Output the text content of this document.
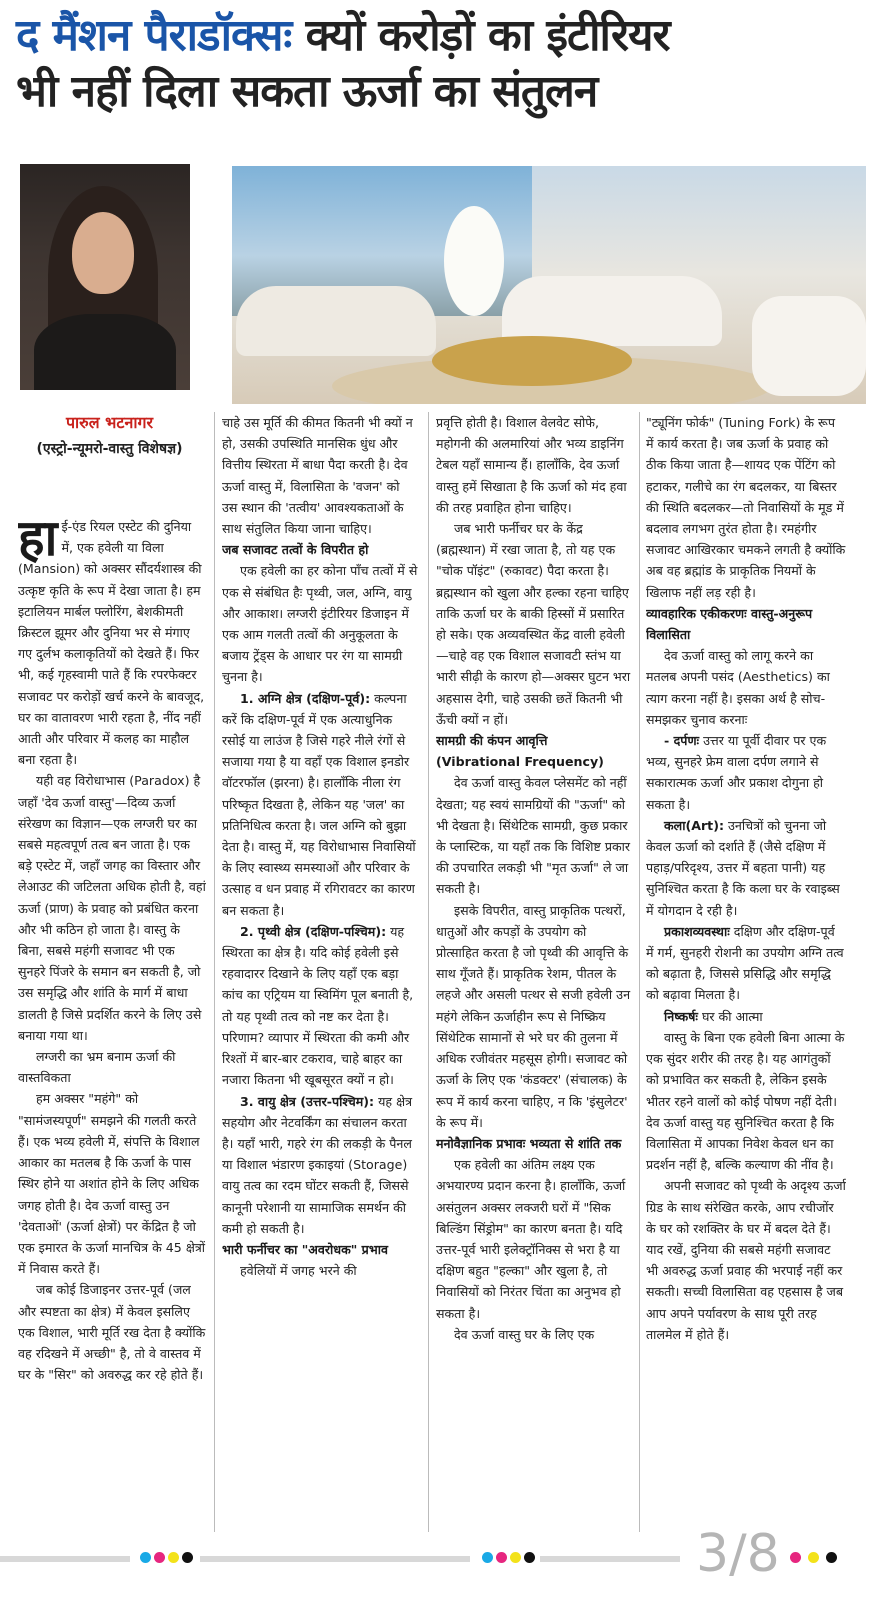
द मैंशन पैराडॉक्सः क्यों करोड़ों का इंटीरियर
भी नहीं दिला सकता ऊर्जा का संतुलन
पारुल भटनागर
(एस्ट्रो-न्यूमरो-वास्तु विशेषज्ञ)

हाई-एंड रियल एस्टेट की दुनिया में, एक हवेली या विला (Mansion) को अक्सर सौंदर्यशास्त्र की उत्कृष्ट कृति के रूप में देखा जाता है। हम इटालियन मार्बल फ्लोरिंग, बेशकीमती क्रिस्टल झूमर और दुनिया भर से मंगाए गए दुर्लभ कलाकृतियों को देखते हैं। फिर भी, कई गृहस्वामी पाते हैं कि रपरफेक्टर सजावट पर करोड़ों खर्च करने के बावजूद, घर का वातावरण भारी रहता है, नींद नहीं आती और परिवार में कलह का माहौल बना रहता है।

यही वह विरोधाभास (Paradox) है जहाँ 'देव ऊर्जा वास्तु'—दिव्य ऊर्जा संरेखण का विज्ञान—एक लग्जरी घर का सबसे महत्वपूर्ण तत्व बन जाता है। एक बड़े एस्टेट में, जहाँ जगह का विस्तार और लेआउट की जटिलता अधिक होती है, वहां ऊर्जा (प्राण) के प्रवाह को प्रबंधित करना और भी कठिन हो जाता है। वास्तु के बिना, सबसे महंगी सजावट भी एक सुनहरे पिंजरे के समान बन सकती है, जो उस समृद्धि और शांति के मार्ग में बाधा डालती है जिसे प्रदर्शित करने के लिए उसे बनाया गया था।

लग्जरी का भ्रम बनाम ऊर्जा की वास्तविकता

हम अक्सर "महंगे" को "सामंजस्यपूर्ण" समझने की गलती करते हैं। एक भव्य हवेली में, संपत्ति के विशाल आकार का मतलब है कि ऊर्जा के पास स्थिर होने या अशांत होने के लिए अधिक जगह होती है। देव ऊर्जा वास्तु उन 'देवताओं' (ऊर्जा क्षेत्रों) पर केंद्रित है जो एक इमारत के ऊर्जा मानचित्र के 45 क्षेत्रों में निवास करते हैं।

जब कोई डिजाइनर उत्तर-पूर्व (जल और स्पष्टता का क्षेत्र) में केवल इसलिए एक विशाल, भारी मूर्ति रख देता है क्योंकि वह रदिखने में अच्छी" है, तो वे वास्तव में घर के "सिर" को अवरुद्ध कर रहे होते हैं।

चाहे उस मूर्ति की कीमत कितनी भी क्यों न हो, उसकी उपस्थिति मानसिक धुंध और वित्तीय स्थिरता में बाधा पैदा करती है। देव ऊर्जा वास्तु में, विलासिता के 'वजन' को उस स्थान की 'तत्वीय' आवश्यकताओं के साथ संतुलित किया जाना चाहिए।

जब सजावट तत्वों के विपरीत हो

एक हवेली का हर कोना पाँच तत्वों में से एक से संबंधित हैः पृथ्वी, जल, अग्नि, वायु और आकाश। लग्जरी इंटीरियर डिजाइन में एक आम गलती तत्वों की अनुकूलता के बजाय ट्रेंड्स के आधार पर रंग या सामग्री चुनना है।

1. अग्नि क्षेत्र (दक्षिण-पूर्व): कल्पना करें कि दक्षिण-पूर्व में एक अत्याधुनिक रसोई या लाउंज है जिसे गहरे नीले रंगों से सजाया गया है या वहाँ एक विशाल इनडोर वॉटरफॉल (झरना) है। हालाँकि नीला रंग परिष्कृत दिखता है, लेकिन यह 'जल' का प्रतिनिधित्व करता है। जल अग्नि को बुझा देता है। वास्तु में, यह विरोधाभास निवासियों के लिए स्वास्थ्य समस्याओं और परिवार के उत्साह व धन प्रवाह में रगिरावटर का कारण बन सकता है।

2. पृथ्वी क्षेत्र (दक्षिण-पश्चिम): यह स्थिरता का क्षेत्र है। यदि कोई हवेली इसे रहवादारर दिखाने के लिए यहाँ एक बड़ा कांच का एट्रियम या स्विमिंग पूल बनाती है, तो यह पृथ्वी तत्व को नष्ट कर देता है। परिणाम? व्यापार में स्थिरता की कमी और रिश्तों में बार-बार टकराव, चाहे बाहर का नजारा कितना भी खूबसूरत क्यों न हो।

3. वायु क्षेत्र (उत्तर-पश्चिम): यह क्षेत्र सहयोग और नेटवर्किंग का संचालन करता है। यहाँ भारी, गहरे रंग की लकड़ी के पैनल या विशाल भंडारण इकाइयां (Storage) वायु तत्व का रदम घोंटर सकती हैं, जिससे कानूनी परेशानी या सामाजिक समर्थन की कमी हो सकती है।

भारी फर्नीचर का "अवरोधक" प्रभाव

हवेलियों में जगह भरने की

प्रवृत्ति होती है। विशाल वेलवेट सोफे, महोगनी की अलमारियां और भव्य डाइनिंग टेबल यहाँ सामान्य हैं। हालाँकि, देव ऊर्जा वास्तु हमें सिखाता है कि ऊर्जा को मंद हवा की तरह प्रवाहित होना चाहिए।

जब भारी फर्नीचर घर के केंद्र (ब्रह्मस्थान) में रखा जाता है, तो यह एक "चोक पॉइंट" (रुकावट) पैदा करता है। ब्रह्मस्थान को खुला और हल्का रहना चाहिए ताकि ऊर्जा घर के बाकी हिस्सों में प्रसारित हो सके। एक अव्यवस्थित केंद्र वाली हवेली—चाहे वह एक विशाल सजावटी स्तंभ या भारी सीढ़ी के कारण हो—अक्सर घुटन भरा अहसास देगी, चाहे उसकी छतें कितनी भी ऊँची क्यों न हों।

सामग्री की कंपन आवृत्ति (Vibrational Frequency)

देव ऊर्जा वास्तु केवल प्लेसमेंट को नहीं देखता; यह स्वयं सामग्रियों की "ऊर्जा" को भी देखता है। सिंथेटिक सामग्री, कुछ प्रकार के प्लास्टिक, या यहाँ तक कि विशिष्ट प्रकार की उपचारित लकड़ी भी "मृत ऊर्जा" ले जा सकती है।

इसके विपरीत, वास्तु प्राकृतिक पत्थरों, धातुओं और कपड़ों के उपयोग को प्रोत्साहित करता है जो पृथ्वी की आवृत्ति के साथ गूँजते हैं। प्राकृतिक रेशम, पीतल के लहजे और असली पत्थर से सजी हवेली उन महंगे लेकिन ऊर्जाहीन रूप से निष्क्रिय सिंथेटिक सामानों से भरे घर की तुलना में अधिक रजीवंतर महसूस होगी। सजावट को ऊर्जा के लिए एक 'कंडक्टर' (संचालक) के रूप में कार्य करना चाहिए, न कि 'इंसुलेटर' के रूप में।

मनोवैज्ञानिक प्रभावः भव्यता से शांति तक

एक हवेली का अंतिम लक्ष्य एक अभयारण्य प्रदान करना है। हालाँकि, ऊर्जा असंतुलन अक्सर लक्जरी घरों में "सिक बिल्डिंग सिंड्रोम" का कारण बनता है। यदि उत्तर-पूर्व भारी इलेक्ट्रॉनिक्स से भरा है या दक्षिण बहुत "हल्का" और खुला है, तो निवासियों को निरंतर चिंता का अनुभव हो सकता है।

देव ऊर्जा वास्तु घर के लिए एक

"ट्यूनिंग फोर्क" (Tuning Fork) के रूप में कार्य करता है। जब ऊर्जा के प्रवाह को ठीक किया जाता है—शायद एक पेंटिंग को हटाकर, गलीचे का रंग बदलकर, या बिस्तर की स्थिति बदलकर—तो निवासियों के मूड में बदलाव लगभग तुरंत होता है। रमहंगीर सजावट आखिरकार चमकने लगती है क्योंकि अब वह ब्रह्मांड के प्राकृतिक नियमों के खिलाफ नहीं लड़ रही है।

व्यावहारिक एकीकरणः वास्तु-अनुरूप विलासिता

देव ऊर्जा वास्तु को लागू करने का मतलब अपनी पसंद (Aesthetics) का त्याग करना नहीं है। इसका अर्थ है सोच-समझकर चुनाव करनाः

- दर्पणः उत्तर या पूर्वी दीवार पर एक भव्य, सुनहरे फ्रेम वाला दर्पण लगाने से सकारात्मक ऊर्जा और प्रकाश दोगुना हो सकता है।

कला(Art): उनचित्रों को चुनना जो केवल ऊर्जा को दर्शाते हैं (जैसे दक्षिण में पहाड़/परिदृश्य, उत्तर में बहता पानी) यह सुनिश्चित करता है कि कला घर के रवाइब्स में योगदान दे रही है।

प्रकाशव्यवस्थाः दक्षिण और दक्षिण-पूर्व में गर्म, सुनहरी रोशनी का उपयोग अग्नि तत्व को बढ़ाता है, जिससे प्रसिद्धि और समृद्धि को बढ़ावा मिलता है।

निष्कर्षः घर की आत्मा

वास्तु के बिना एक हवेली बिना आत्मा के एक सुंदर शरीर की तरह है। यह आगंतुकों को प्रभावित कर सकती है, लेकिन इसके भीतर रहने वालों को कोई पोषण नहीं देती। देव ऊर्जा वास्तु यह सुनिश्चित करता है कि विलासिता में आपका निवेश केवल धन का प्रदर्शन नहीं है, बल्कि कल्याण की नींव है।

अपनी सजावट को पृथ्वी के अदृश्य ऊर्जा ग्रिड के साथ संरेखित करके, आप रचीजोंर के घर को रशक्तिर के घर में बदल देते हैं। याद रखें, दुनिया की सबसे महंगी सजावट भी अवरुद्ध ऊर्जा प्रवाह की भरपाई नहीं कर सकती। सच्ची विलासिता वह एहसास है जब आप अपने पर्यावरण के साथ पूरी तरह तालमेल में होते हैं।

3/8
